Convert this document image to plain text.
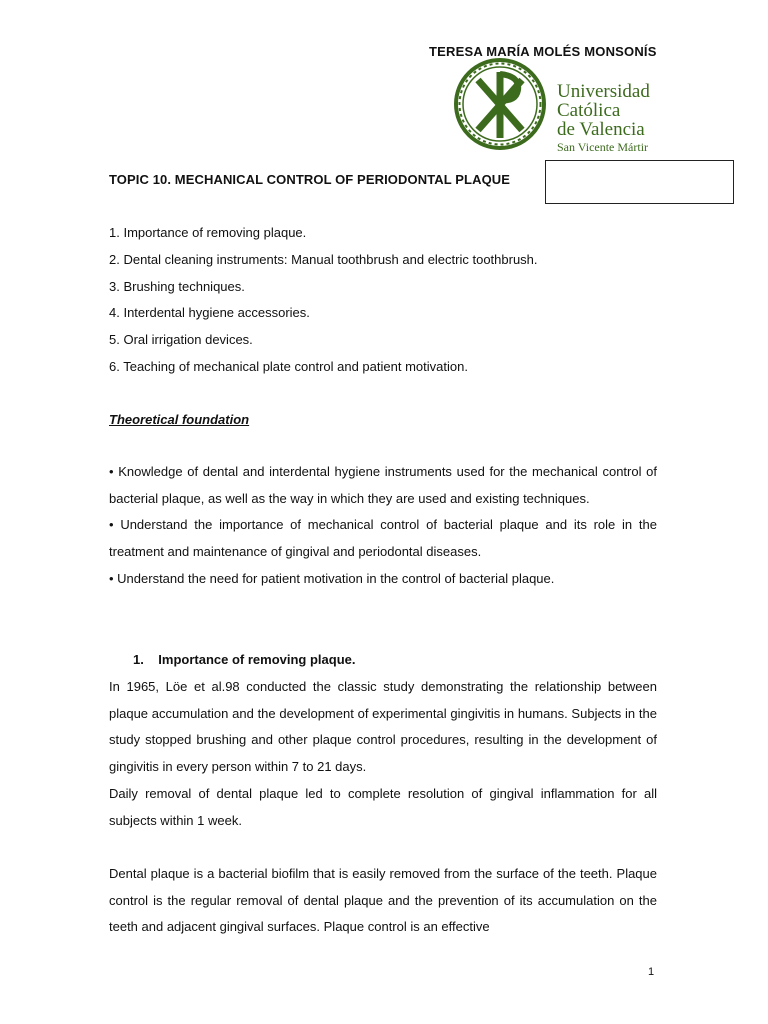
TERESA MARÍA MOLÉS MONSONÍS
Universidad
Católica
de Valencia
San Vicente Mártir
TOPIC 10. MECHANICAL CONTROL OF PERIODONTAL PLAQUE
1. Importance of removing plaque.
2. Dental cleaning instruments: Manual toothbrush and electric toothbrush.
3. Brushing techniques.
4. Interdental hygiene accessories.
5. Oral irrigation devices.
6. Teaching of mechanical plate control and patient motivation.
Theoretical foundation

• Knowledge of dental and interdental hygiene instruments used for the mechanical control of bacterial plaque, as well as the way in which they are used and existing techniques.

• Understand the importance of mechanical control of bacterial plaque and its role in the treatment and maintenance of gingival and periodontal diseases.

• Understand the need for patient motivation in the control of bacterial plaque.

1. Importance of removing plaque.

In 1965, Löe et al.98 conducted the classic study demonstrating the relationship between plaque accumulation and the development of experimental gingivitis in humans. Subjects in the study stopped brushing and other plaque control procedures, resulting in the development of gingivitis in every person within 7 to 21 days.

Daily removal of dental plaque led to complete resolution of gingival inflammation for all subjects within 1 week.

Dental plaque is a bacterial biofilm that is easily removed from the surface of the teeth. Plaque control is the regular removal of dental plaque and the prevention of its accumulation on the teeth and adjacent gingival surfaces. Plaque control is an effective

1
